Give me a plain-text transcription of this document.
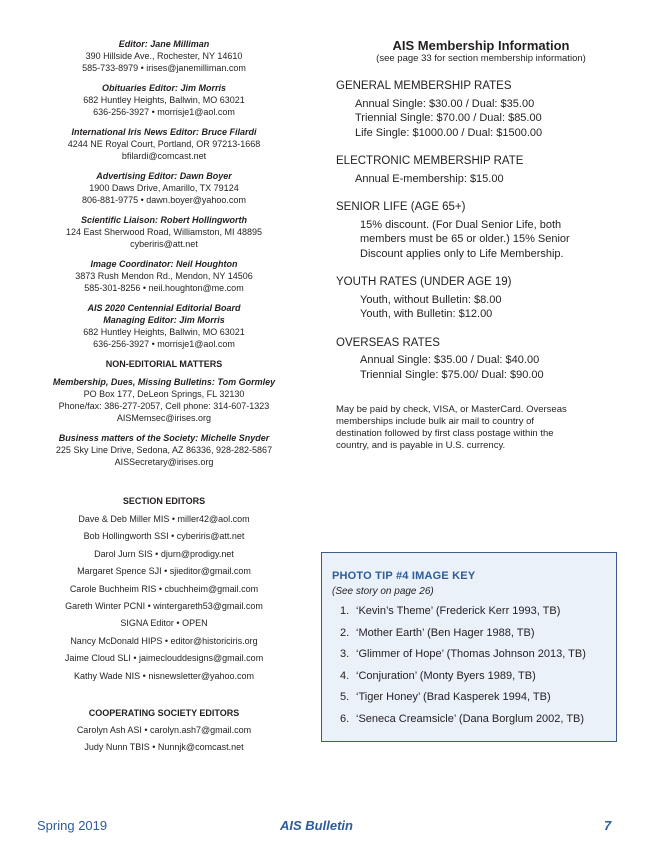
Editor: Jane Milliman
390 Hillside Ave., Rochester, NY 14610
585-733-8979 • irises@janemilliman.com
Obituaries Editor: Jim Morris
682 Huntley Heights, Ballwin, MO 63021
636-256-3927 • morrisje1@aol.com
International Iris News Editor: Bruce Filardi
4244 NE Royal Court, Portland, OR 97213-1668
bfilardi@comcast.net
Advertising Editor: Dawn Boyer
1900 Daws Drive, Amarillo, TX 79124
806-881-9775 • dawn.boyer@yahoo.com
Scientific Liaison: Robert Hollingworth
124 East Sherwood Road, Williamston, MI 48895
cyberiris@att.net
Image Coordinator: Neil Houghton
3873 Rush Mendon Rd., Mendon, NY 14506
585-301-8256 • neil.houghton@me.com
AIS 2020 Centennial Editorial Board
Managing Editor: Jim Morris
682 Huntley Heights, Ballwin, MO 63021
636-256-3927 • morrisje1@aol.com
NON-EDITORIAL MATTERS
Membership, Dues, Missing Bulletins: Tom Gormley
PO Box 177, DeLeon Springs, FL 32130
Phone/fax: 386-277-2057, Cell phone: 314-607-1323
AISMemsec@irises.org
Business matters of the Society: Michelle Snyder
225 Sky Line Drive, Sedona, AZ 86336, 928-282-5867
AISSecretary@irises.org
SECTION EDITORS
Dave & Deb Miller MIS • miller42@aol.com
Bob Hollingworth SSI • cyberiris@att.net
Darol Jurn SIS • djurn@prodigy.net
Margaret Spence SJI • sjieditor@gmail.com
Carole Buchheim RIS • cbuchheim@gmail.com
Gareth Winter PCNI • wintergareth53@gmail.com
SIGNA Editor • OPEN
Nancy McDonald HIPS • editor@historiciris.org
Jaime Cloud SLI • jaimeclouddesigns@gmail.com
Kathy Wade NIS • nisnewsletter@yahoo.com
COOPERATING SOCIETY EDITORS
Carolyn Ash ASI • carolyn.ash7@gmail.com
Judy Nunn TBIS • Nunnjk@comcast.net
AIS Membership Information
(see page 33 for section membership information)
GENERAL MEMBERSHIP RATES
Annual Single: $30.00 / Dual: $35.00
Triennial Single: $70.00 / Dual: $85.00
Life Single: $1000.00 / Dual: $1500.00
ELECTRONIC MEMBERSHIP RATE
Annual E-membership: $15.00
SENIOR LIFE (AGE 65+)
15% discount. (For Dual Senior Life, both
members must be 65 or older.) 15% Senior
Discount applies only to Life Membership.
YOUTH RATES (UNDER AGE 19)
Youth, without Bulletin: $8.00
Youth, with Bulletin: $12.00
OVERSEAS RATES
Annual Single: $35.00 / Dual: $40.00
Triennial Single: $75.00/ Dual: $90.00
May be paid by check, VISA, or MasterCard. Overseas
memberships include bulk air mail to country of
destination followed by first class postage within the
country, and is payable in U.S. currency.
PHOTO TIP #4 IMAGE KEY
(See story on page 26)
1. ‘Kevin’s Theme’ (Frederick Kerr 1993, TB)
2. ‘Mother Earth’ (Ben Hager 1988, TB)
3. ‘Glimmer of Hope’ (Thomas Johnson 2013, TB)
4. ‘Conjuration’ (Monty Byers 1989, TB)
5. ‘Tiger Honey’ (Brad Kasperek 1994, TB)
6. ‘Seneca Creamsicle’ (Dana Borglum 2002, TB)
Spring 2019	AIS Bulletin	7
